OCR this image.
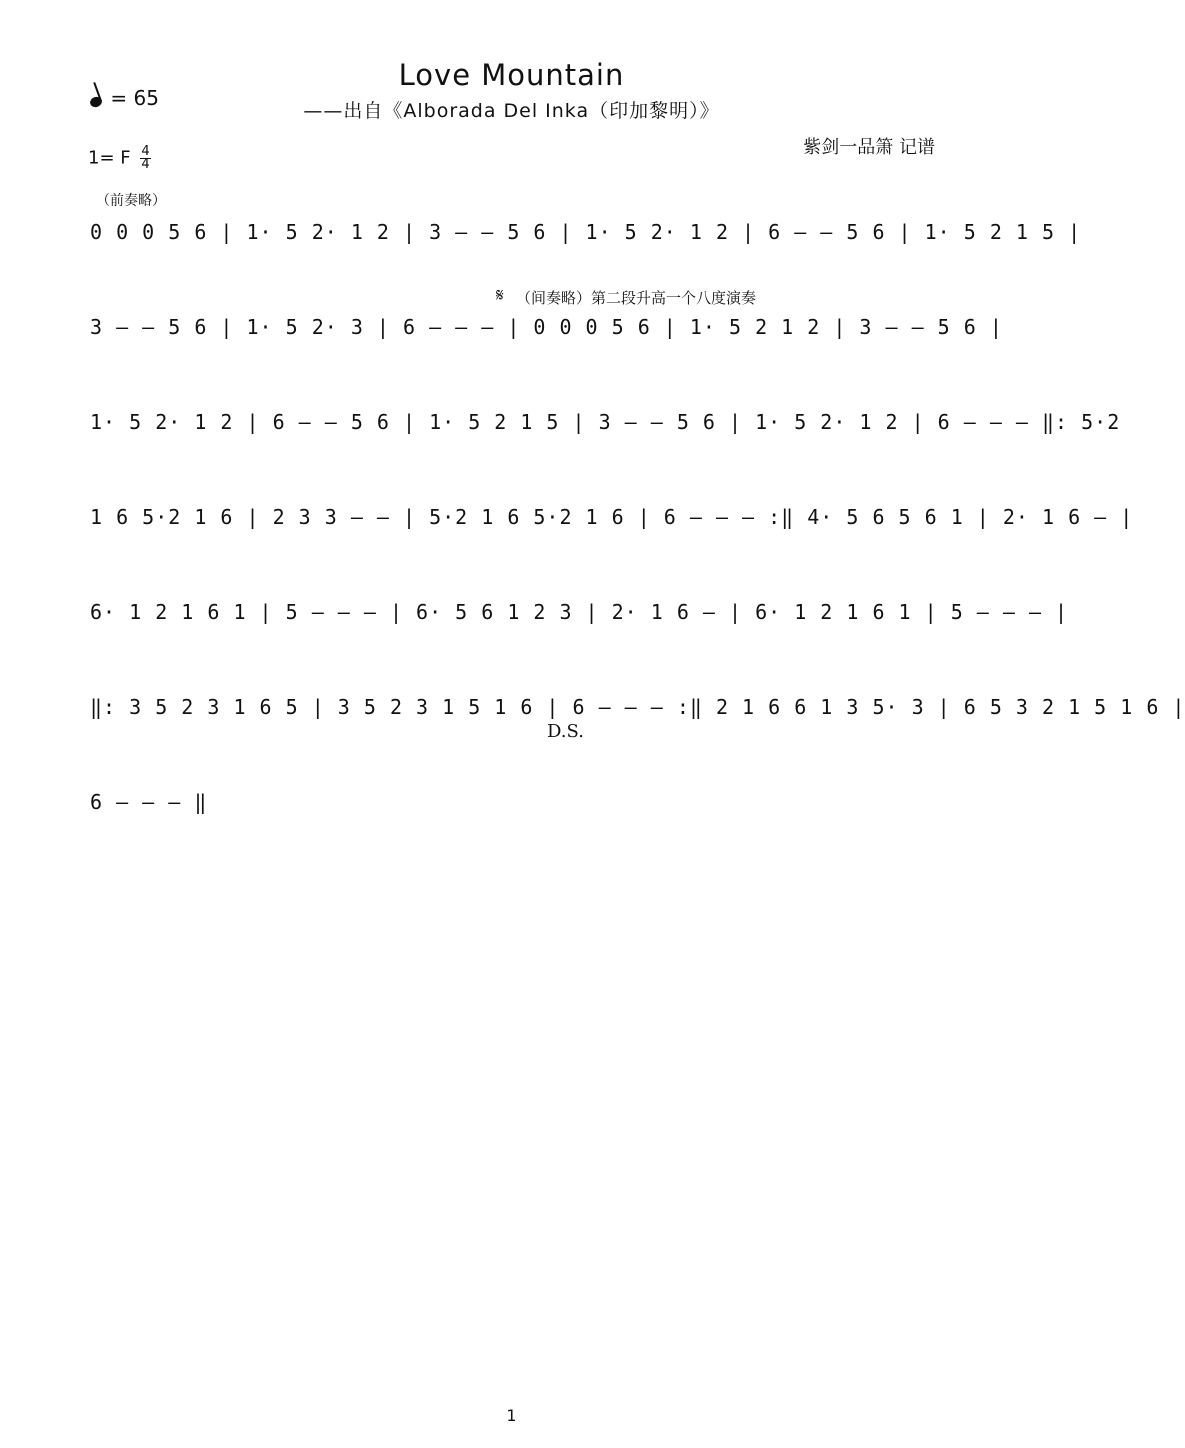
Love Mountain
——出自《Alborada Del Inka（印加黎明）》
= 65
1= F $\frac{4}{4}$	紫剑一品箫 记谱
（前奏略）
𝄋 （间奏略）第二段升高一个八度演奏
0 0 0 5 6 | 1· 5 2· 1 2 | 3 — — 5 6 | 1· 5 2· 1 2 | 6 — — 5 6 | 1· 5 2 1 5 |
3 — — 5 6 | 1· 5 2· 3 | 6 — — — | 0 0 0 5 6 | 1· 5 2 1 2 | 3 — — 5 6 |
1· 5 2· 1 2 | 6 — — 5 6 | 1· 5 2 1 5 | 3 — — 5 6 | 1· 5 2· 1 2 | 6 — — — ‖: 5·2
1 6 5·2 1 6 | 2 3 3 — — | 5·2 1 6 5·2 1 6 | 6 — — — :‖ 4· 5 6 5 6 1 | 2· 1 6 — |
6· 1 2 1 6 1 | 5 — — — | 6· 5 6 1 2 3 | 2· 1 6 — | 6· 1 2 1 6 1 | 5 — — — |
‖: 3 5 2 3 1 6 5 | 3 5 2 3 1 5 1 6 | 6 — — — :‖ 2 1 6 6 1 3 5· 3 | 6 5 3 2 1 5 1 6 |
D.S.
6 — — — ‖
1
